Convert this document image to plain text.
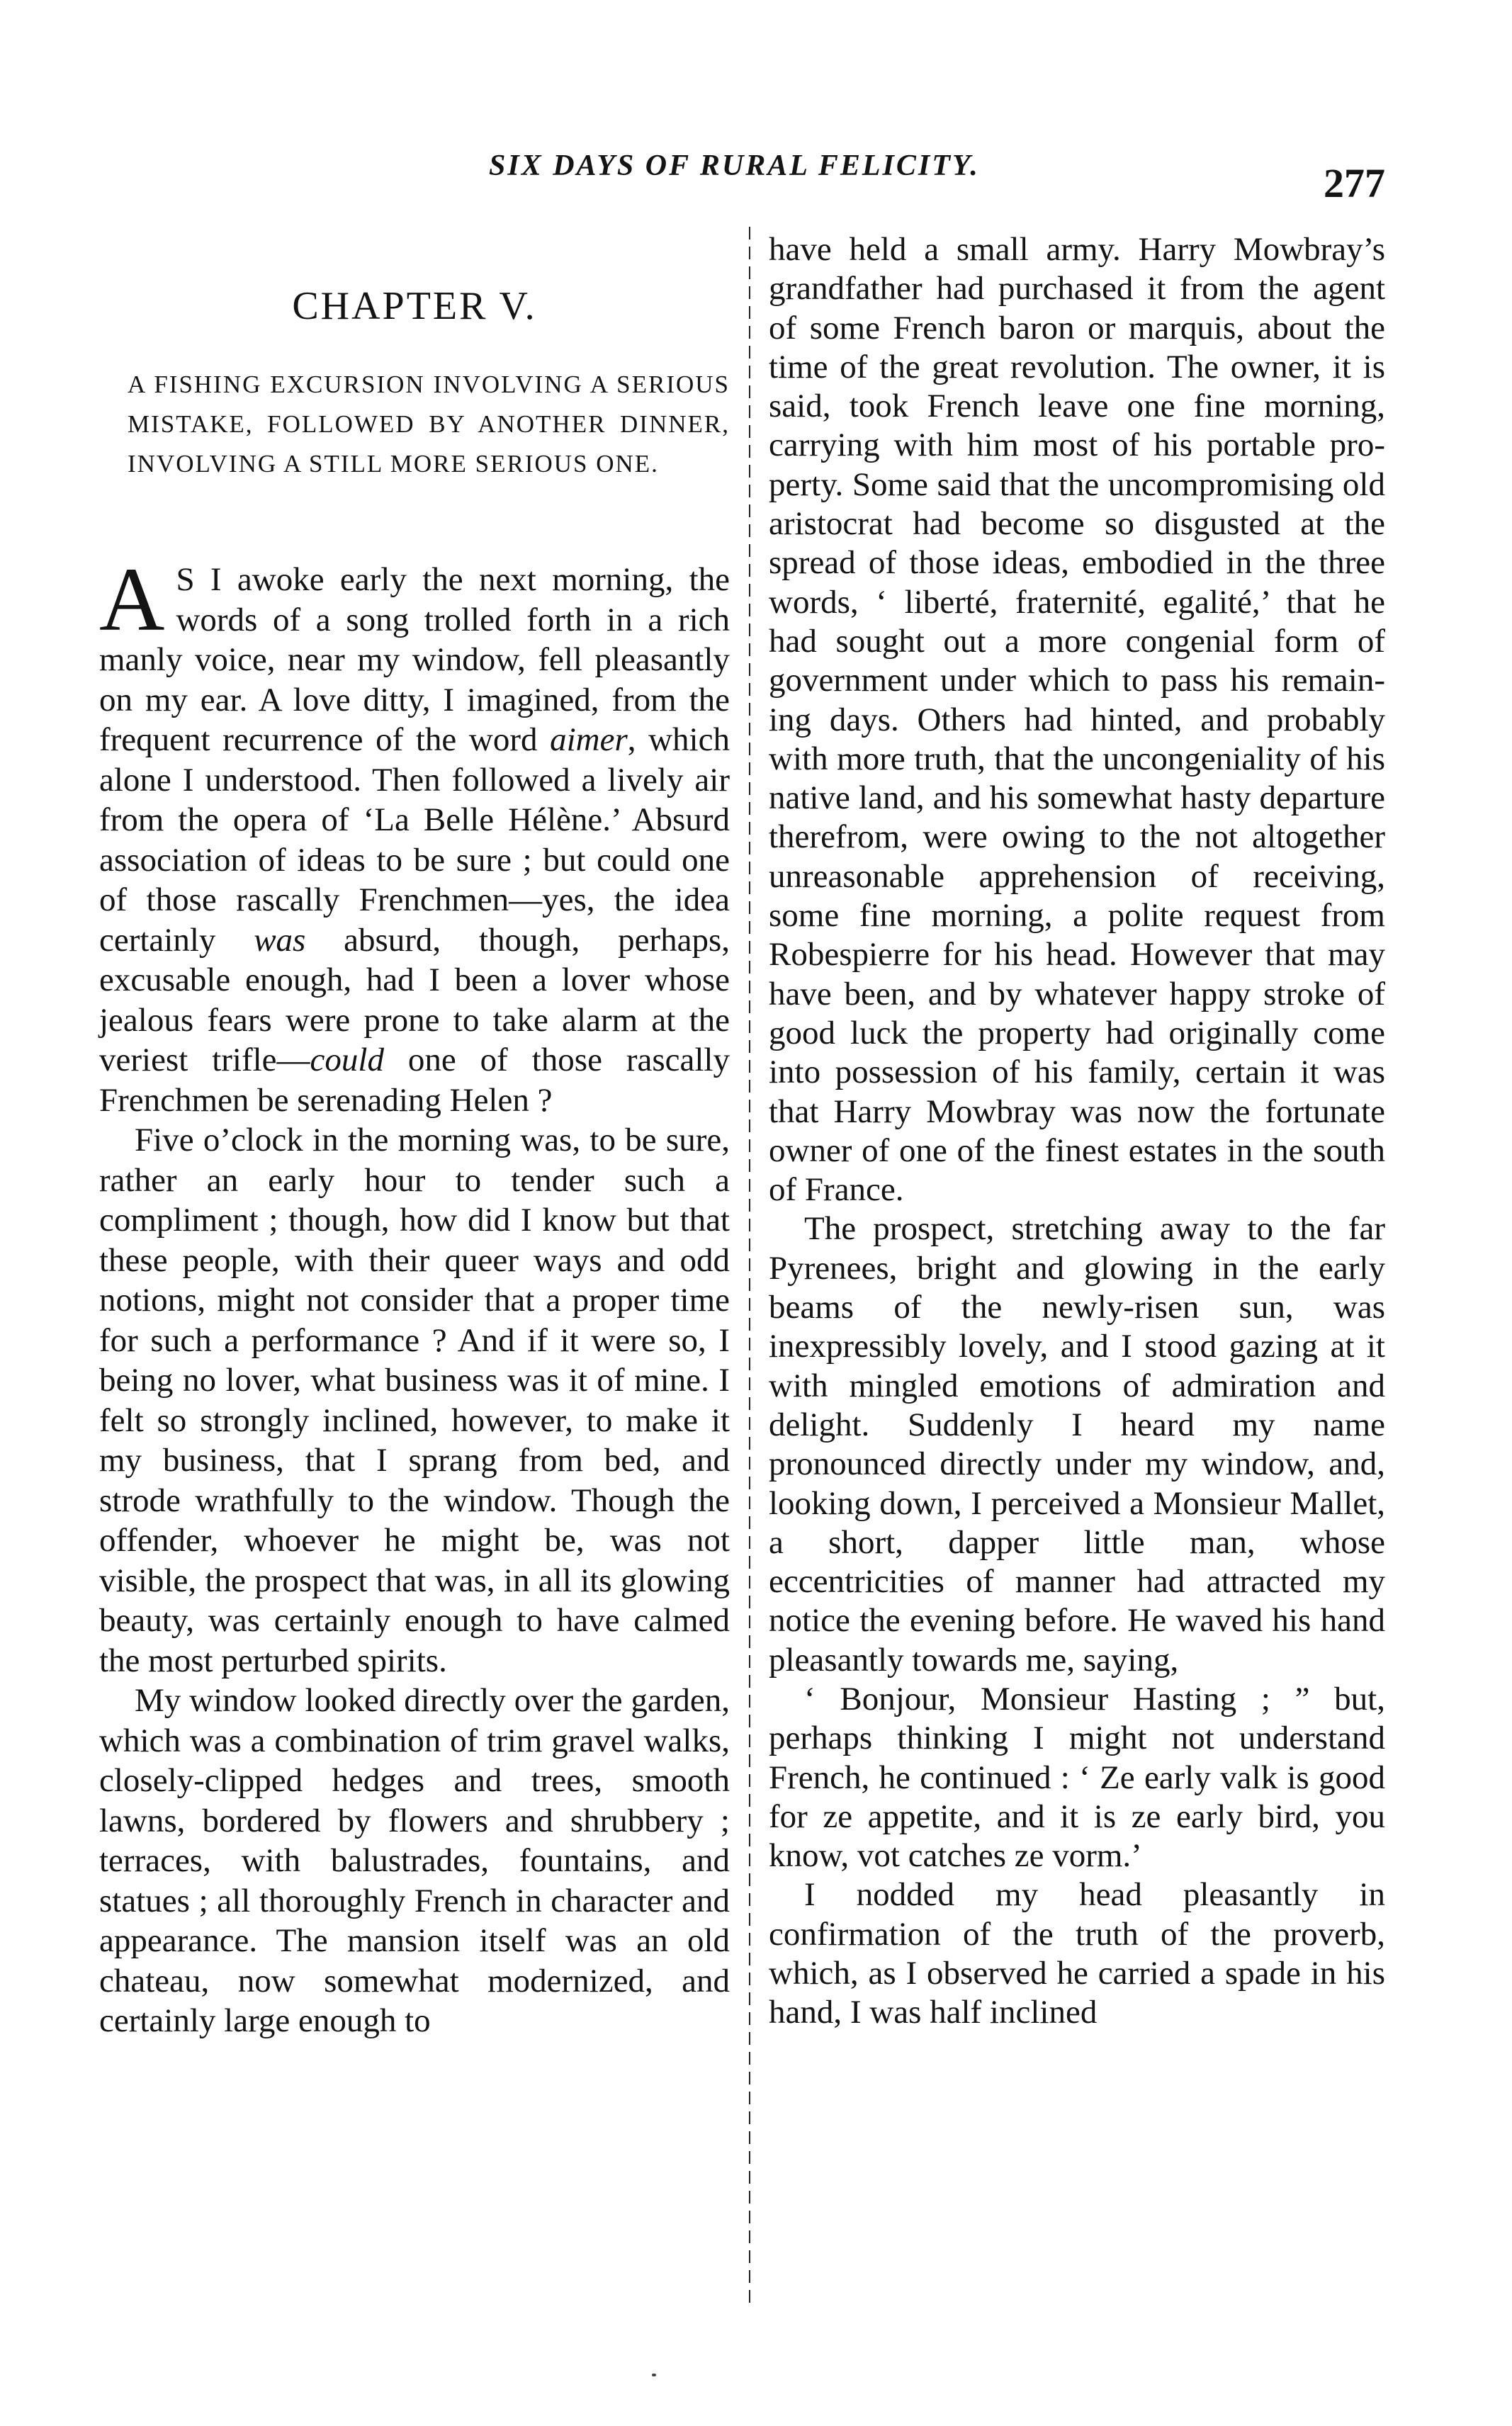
SIX DAYS OF RURAL FELICITY.	277
CHAPTER V.
A FISHING EXCURSION INVOLVING A SERIOUS MISTAKE, FOLLOWED BY ANOTHER DINNER, INVOLVING A STILL MORE SERIOUS ONE.

A S I awoke early the next morning, the words of a song trolled forth in a rich manly voice, near my window, fell pleasantly on my ear. A love ditty, I imagined, from the frequent recurrence of the word aimer, which alone I understood. Then followed a lively air from the opera of ‘La Belle Hélène.’ Absurd association of ideas to be sure ; but could one of those rascally Frenchmen—yes, the idea certainly was absurd, though, perhaps, excusable enough, had I been a lover whose jealous fears were prone to take alarm at the veriest trifle—could one of those rascally Frenchmen be serenading Helen ?

Five o’clock in the morning was, to be sure, rather an early hour to tender such a compliment ; though, how did I know but that these people, with their queer ways and odd notions, might not consider that a proper time for such a performance ? And if it were so, I being no lover, what business was it of mine. I felt so strongly inclined, however, to make it my business, that I sprang from bed, and strode wrathfully to the window. Though the offender, whoever he might be, was not visible, the prospect that was, in all its glowing beauty, was certainly enough to have calmed the most perturbed spirits.

My window looked directly over the garden, which was a combination of trim gravel walks, closely-clipped hedges and trees, smooth lawns, bordered by flowers and shrubbery ; terraces, with balustrades, fountains, and statues ; all thoroughly French in character and appearance. The mansion itself was an old chateau, now somewhat modernized, and certainly large enough to

have held a small army. Harry Mowbray’s grandfather had purchased it from the agent of some French baron or marquis, about the time of the great revolution. The owner, it is said, took French leave one fine morning, carrying with him most of his portable property. Some said that the uncompromising old aristocrat had become so disgusted at the spread of those ideas, embodied in the three words, ‘ liberté, fraternité, egalité,’ that he had sought out a more congenial form of government under which to pass his remaining days. Others had hinted, and probably with more truth, that the uncongeniality of his native land, and his somewhat hasty departure therefrom, were owing to the not altogether unreasonable apprehension of receiving, some fine morning, a polite request from Robespierre for his head. However that may have been, and by whatever happy stroke of good luck the property had originally come into possession of his family, certain it was that Harry Mowbray was now the fortunate owner of one of the finest estates in the south of France.

The prospect, stretching away to the far Pyrenees, bright and glowing in the early beams of the newly-risen sun, was inexpressibly lovely, and I stood gazing at it with mingled emotions of admiration and delight. Suddenly I heard my name pronounced directly under my window, and, looking down, I perceived a Monsieur Mallet, a short, dapper little man, whose eccentricities of manner had attracted my notice the evening before. He waved his hand pleasantly towards me, saying,

‘ Bonjour, Monsieur Hasting ; ” but, perhaps thinking I might not understand French, he continued : ‘ Ze early valk is good for ze appetite, and it is ze early bird, you know, vot catches ze vorm.’

I nodded my head pleasantly in confirmation of the truth of the proverb, which, as I observed he carried a spade in his hand, I was half inclined
